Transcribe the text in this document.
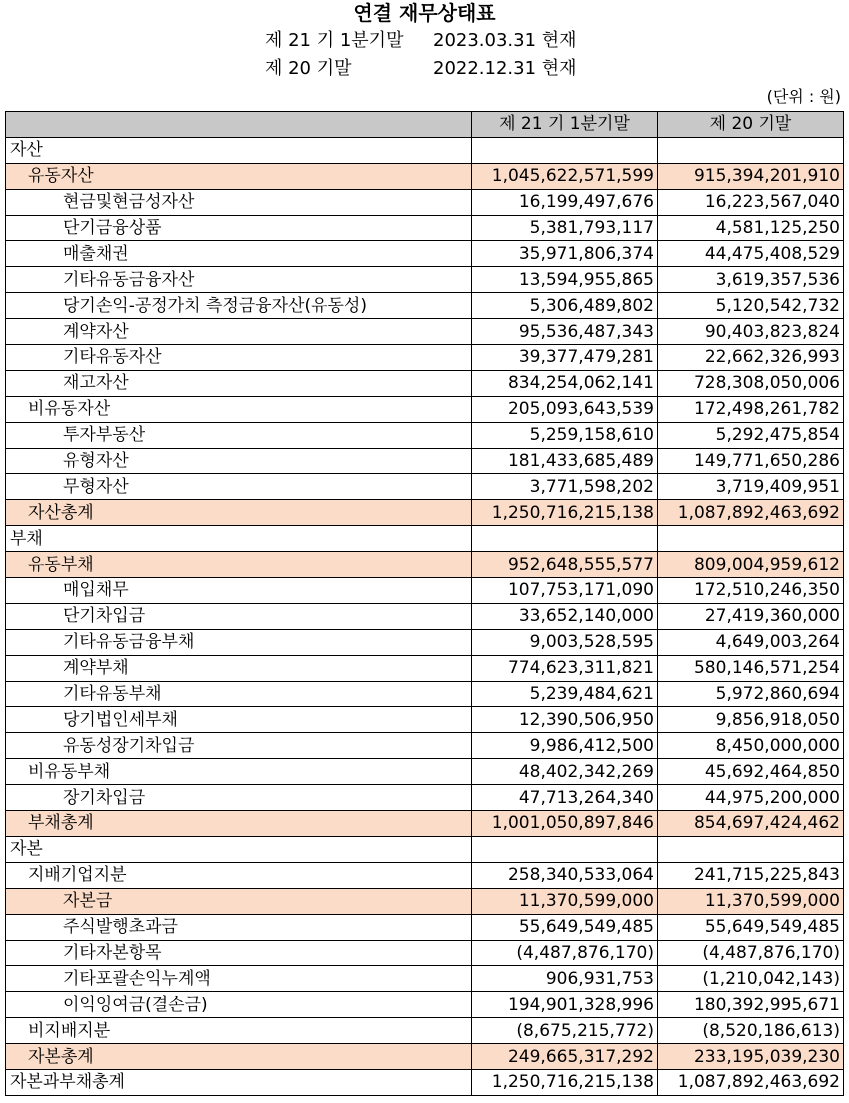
연결 재무상태표
제 21 기 1분기말 2023.03.31 현재
제 20 기말	2022.12.31 현재
(단위 : 원)
	제 21 기 1분기말	제 20 기말
자산		
유동자산	1,045,622,571,599	915,394,201,910
현금및현금성자산	16,199,497,676	16,223,567,040
단기금융상품	5,381,793,117	4,581,125,250
매출채권	35,971,806,374	44,475,408,529
기타유동금융자산	13,594,955,865	3,619,357,536
당기손익-공정가치 측정금융자산(유동성)	5,306,489,802	5,120,542,732
계약자산	95,536,487,343	90,403,823,824
기타유동자산	39,377,479,281	22,662,326,993
재고자산	834,254,062,141	728,308,050,006
비유동자산	205,093,643,539	172,498,261,782
투자부동산	5,259,158,610	5,292,475,854
유형자산	181,433,685,489	149,771,650,286
무형자산	3,771,598,202	3,719,409,951
자산총계	1,250,716,215,138	1,087,892,463,692
부채		
유동부채	952,648,555,577	809,004,959,612
매입채무	107,753,171,090	172,510,246,350
단기차입금	33,652,140,000	27,419,360,000
기타유동금융부채	9,003,528,595	4,649,003,264
계약부채	774,623,311,821	580,146,571,254
기타유동부채	5,239,484,621	5,972,860,694
당기법인세부채	12,390,506,950	9,856,918,050
유동성장기차입금	9,986,412,500	8,450,000,000
비유동부채	48,402,342,269	45,692,464,850
장기차입금	47,713,264,340	44,975,200,000
부채총계	1,001,050,897,846	854,697,424,462
자본		
지배기업지분	258,340,533,064	241,715,225,843
자본금	11,370,599,000	11,370,599,000
주식발행초과금	55,649,549,485	55,649,549,485
기타자본항목	(4,487,876,170)	(4,487,876,170)
기타포괄손익누계액	906,931,753	(1,210,042,143)
이익잉여금(결손금)	194,901,328,996	180,392,995,671
비지배지분	(8,675,215,772)	(8,520,186,613)
자본총계	249,665,317,292	233,195,039,230
자본과부채총계	1,250,716,215,138	1,087,892,463,692
